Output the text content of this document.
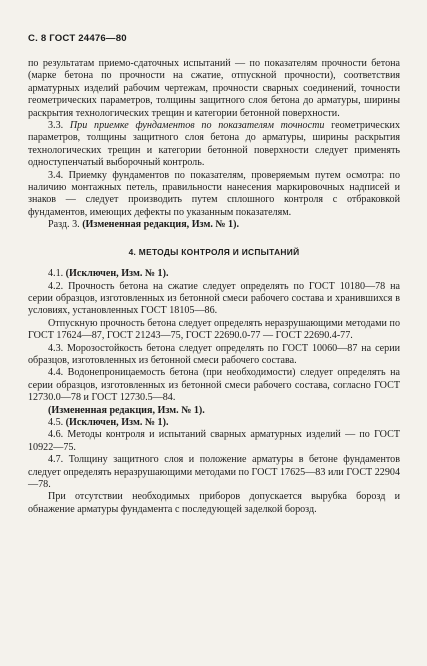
С. 8 ГОСТ 24476—80

по результатам приемо-сдаточных испытаний — по показателям прочности бетона (марке бетона по прочности на сжатие, отпускной прочности), соответствия арматурных изделий рабочим чертежам, прочности сварных соединений, точности геометрических параметров, толщины защитного слоя бетона до арматуры, ширины раскрытия технологических трещин и категории бетонной поверхности.

3.3. При приемке фундаментов по показателям точности геометрических параметров, толщины защитного слоя бетона до арматуры, ширины раскрытия технологических трещин и категории бетонной поверхности следует применять одноступенчатый выборочный контроль.

3.4. Приемку фундаментов по показателям, проверяемым путем осмотра: по наличию монтажных петель, правильности нанесения маркировочных надписей и знаков — следует производить путем сплошного контроля с отбраковкой фундаментов, имеющих дефекты по указанным показателям.

Разд. 3. (Измененная редакция, Изм. № 1).

4. МЕТОДЫ КОНТРОЛЯ И ИСПЫТАНИЙ

4.1. (Исключен, Изм. № 1).

4.2. Прочность бетона на сжатие следует определять по ГОСТ 10180—78 на серии образцов, изготовленных из бетонной смеси рабочего состава и хранившихся в условиях, установленных ГОСТ 18105—86.

Отпускную прочность бетона следует определять неразрушающими методами по ГОСТ 17624—87, ГОСТ 21243—75, ГОСТ 22690.0-77 — ГОСТ 22690.4-77.

4.3. Морозостойкость бетона следует определять по ГОСТ 10060—87 на серии образцов, изготовленных из бетонной смеси рабочего состава.

4.4. Водонепроницаемость бетона (при необходимости) следует определять на серии образцов, изготовленных из бетонной смеси рабочего состава, согласно ГОСТ 12730.0—78 и ГОСТ 12730.5—84.

(Измененная редакция, Изм. № 1).

4.5. (Исключен, Изм. № 1).

4.6. Методы контроля и испытаний сварных арматурных изделий — по ГОСТ 10922—75.

4.7. Толщину защитного слоя и положение арматуры в бетоне фундаментов следует определять неразрушающими методами по ГОСТ 17625—83 или ГОСТ 22904—78.

При отсутствии необходимых приборов допускается вырубка борозд и обнажение арматуры фундамента с последующей заделкой борозд.
